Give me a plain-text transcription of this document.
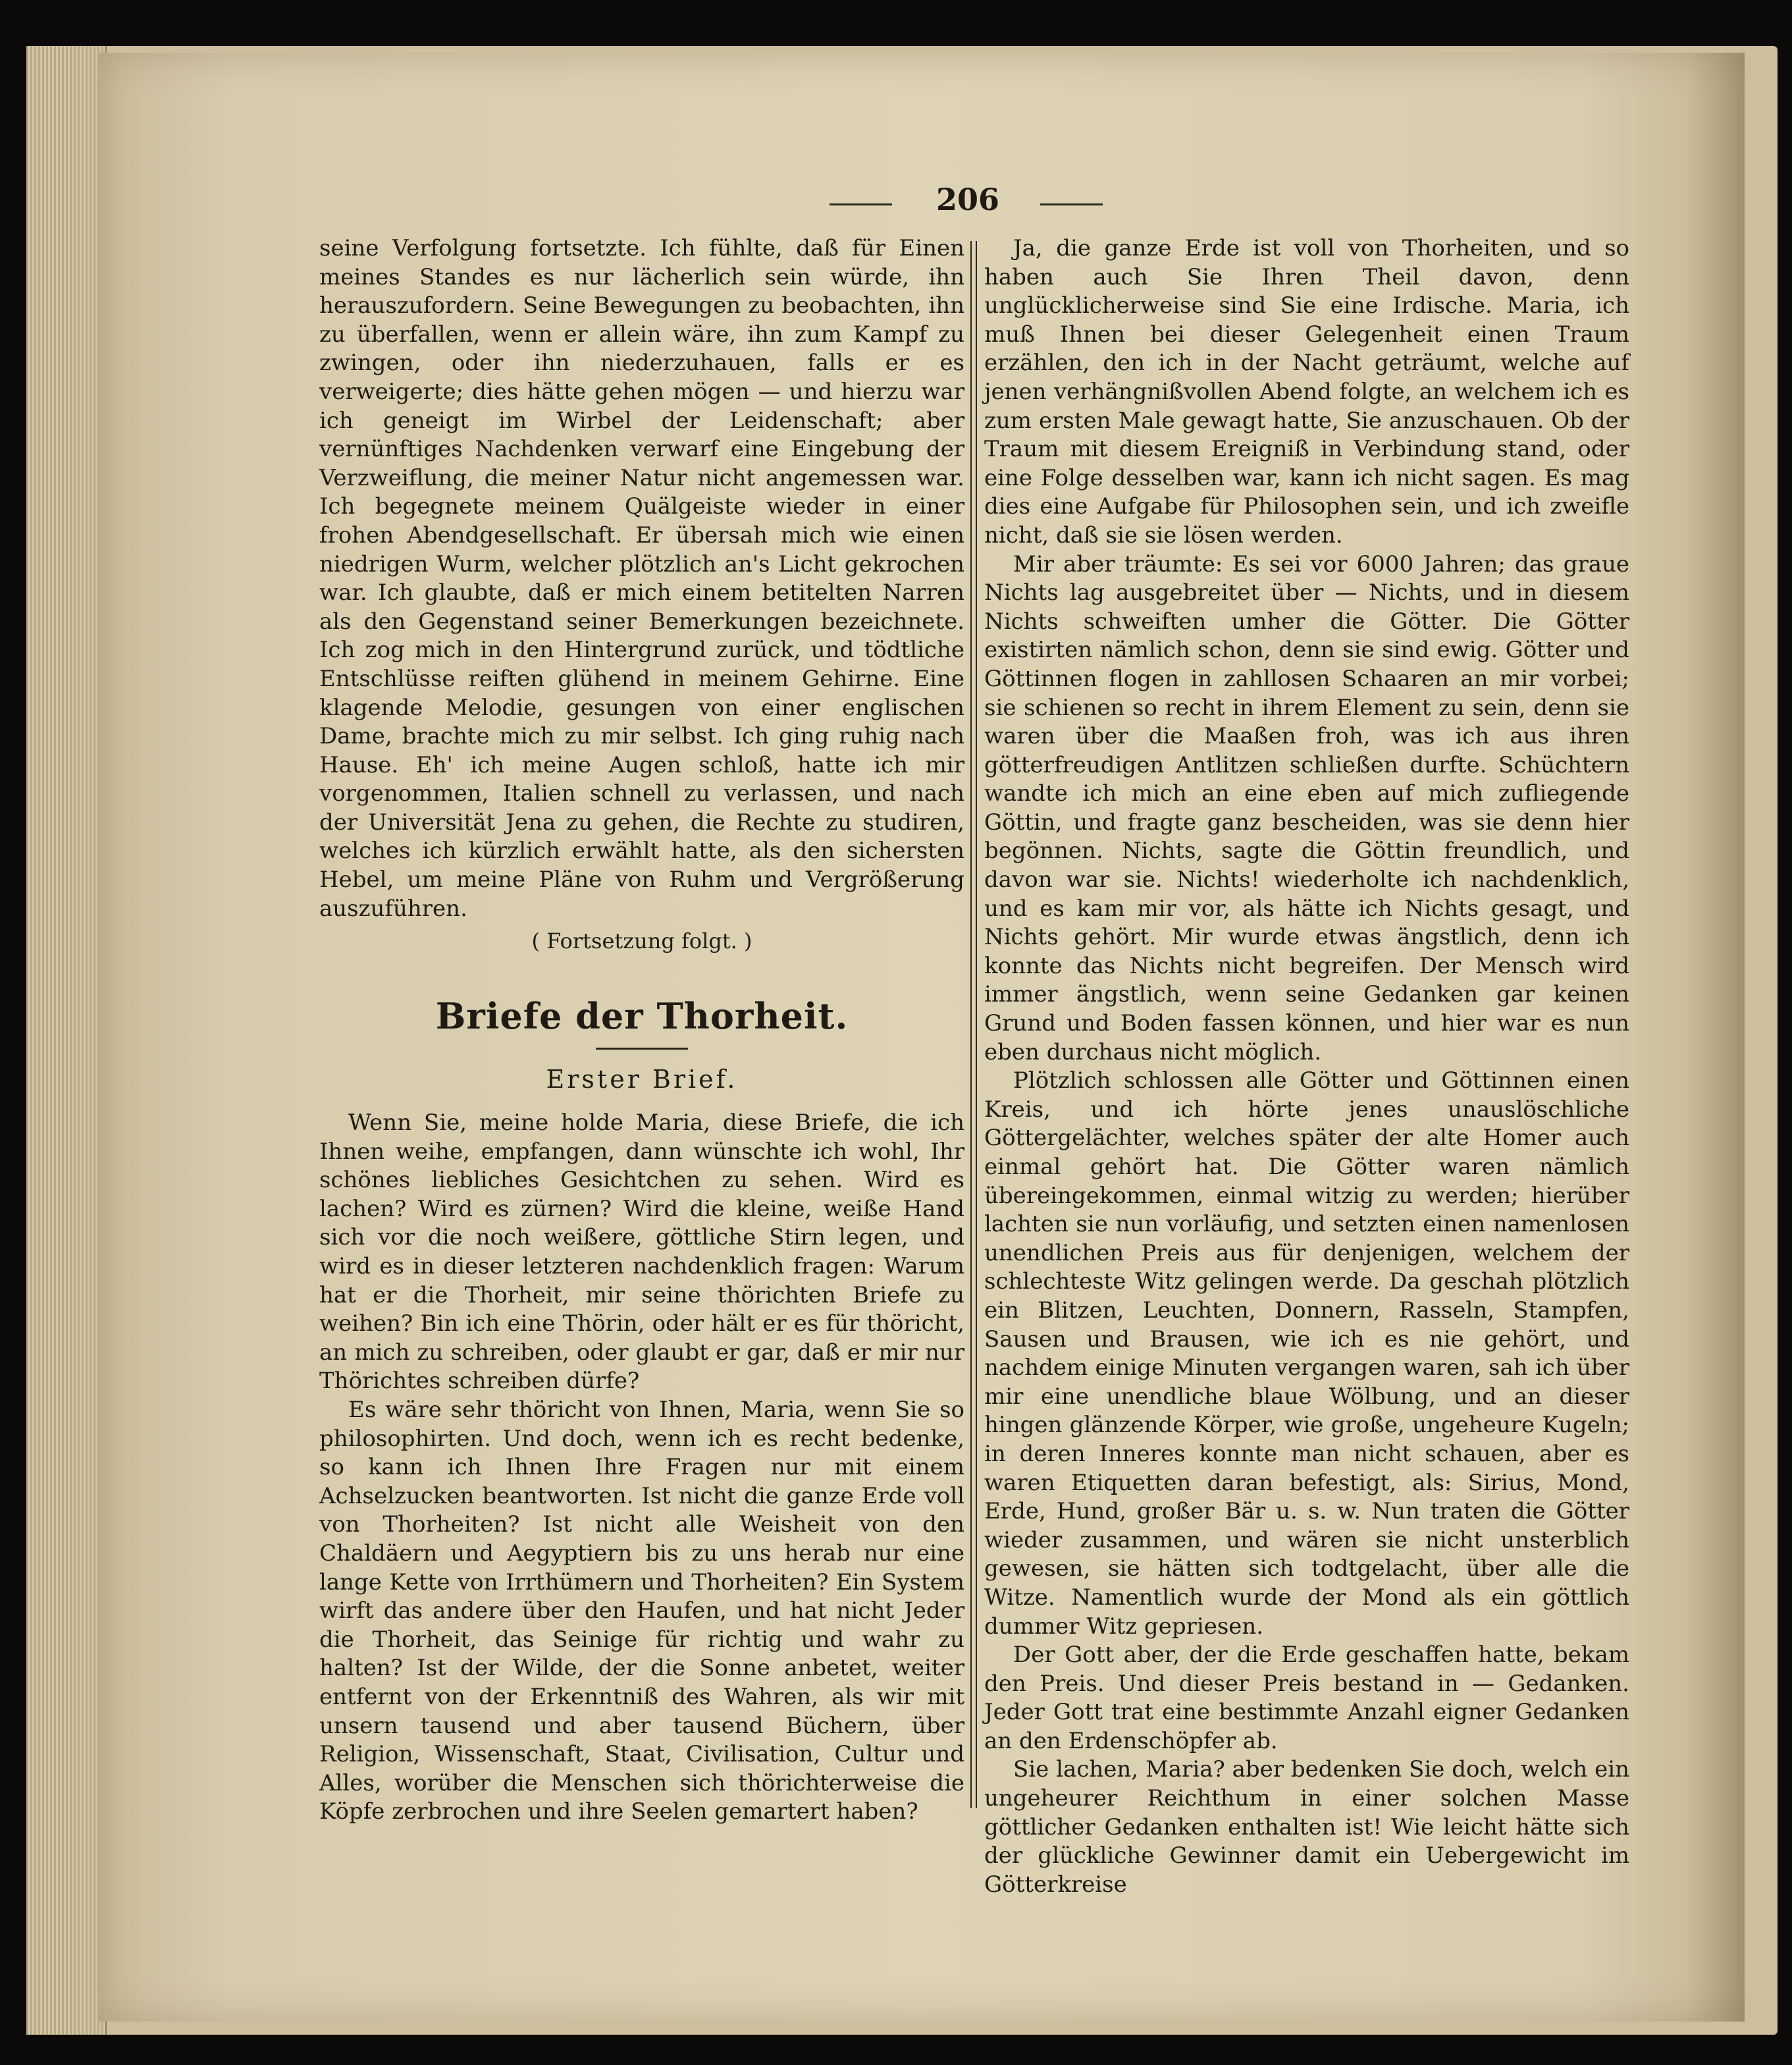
206

seine Verfolgung fortsetzte. Ich fühlte, daß für Einen meines Standes es nur lächerlich sein würde, ihn herauszufordern. Seine Bewegungen zu beobachten, ihn zu überfallen, wenn er allein wäre, ihn zum Kampf zu zwingen, oder ihn niederzuhauen, falls er es verweigerte; dies hätte gehen mögen — und hierzu war ich geneigt im Wirbel der Leidenschaft; aber vernünftiges Nachdenken verwarf eine Eingebung der Verzweiflung, die meiner Natur nicht angemessen war. Ich begegnete meinem Quälgeiste wieder in einer frohen Abendgesellschaft. Er übersah mich wie einen niedrigen Wurm, welcher plötzlich an's Licht gekrochen war. Ich glaubte, daß er mich einem betitelten Narren als den Gegenstand seiner Bemerkungen bezeichnete. Ich zog mich in den Hintergrund zurück, und tödtliche Entschlüsse reiften glühend in meinem Gehirne. Eine klagende Melodie, gesungen von einer englischen Dame, brachte mich zu mir selbst. Ich ging ruhig nach Hause. Eh' ich meine Augen schloß, hatte ich mir vorgenommen, Italien schnell zu verlassen, und nach der Universität Jena zu gehen, die Rechte zu studiren, welches ich kürzlich erwählt hatte, als den sichersten Hebel, um meine Pläne von Ruhm und Vergrößerung auszuführen.

( Fortsetzung folgt. )

Briefe der Thorheit.

Erster Brief.

Wenn Sie, meine holde Maria, diese Briefe, die ich Ihnen weihe, empfangen, dann wünschte ich wohl, Ihr schönes liebliches Gesichtchen zu sehen. Wird es lachen? Wird es zürnen? Wird die kleine, weiße Hand sich vor die noch weißere, göttliche Stirn legen, und wird es in dieser letzteren nachdenklich fragen: Warum hat er die Thorheit, mir seine thörichten Briefe zu weihen? Bin ich eine Thörin, oder hält er es für thöricht, an mich zu schreiben, oder glaubt er gar, daß er mir nur Thörichtes schreiben dürfe?

Es wäre sehr thöricht von Ihnen, Maria, wenn Sie so philosophirten. Und doch, wenn ich es recht bedenke, so kann ich Ihnen Ihre Fragen nur mit einem Achselzucken beantworten. Ist nicht die ganze Erde voll von Thorheiten? Ist nicht alle Weisheit von den Chaldäern und Aegyptiern bis zu uns herab nur eine lange Kette von Irrthümern und Thorheiten? Ein System wirft das andere über den Haufen, und hat nicht Jeder die Thorheit, das Seinige für richtig und wahr zu halten? Ist der Wilde, der die Sonne anbetet, weiter entfernt von der Erkenntniß des Wahren, als wir mit unsern tausend und aber tausend Büchern, über Religion, Wissenschaft, Staat, Civilisation, Cultur und Alles, worüber die Menschen sich thörichterweise die Köpfe zerbrochen und ihre Seelen gemartert haben?

Ja, die ganze Erde ist voll von Thorheiten, und so haben auch Sie Ihren Theil davon, denn unglücklicherweise sind Sie eine Irdische. Maria, ich muß Ihnen bei dieser Gelegenheit einen Traum erzählen, den ich in der Nacht geträumt, welche auf jenen verhängnißvollen Abend folgte, an welchem ich es zum ersten Male gewagt hatte, Sie anzuschauen. Ob der Traum mit diesem Ereigniß in Verbindung stand, oder eine Folge desselben war, kann ich nicht sagen. Es mag dies eine Aufgabe für Philosophen sein, und ich zweifle nicht, daß sie sie lösen werden.

Mir aber träumte: Es sei vor 6000 Jahren; das graue Nichts lag ausgebreitet über — Nichts, und in diesem Nichts schweiften umher die Götter. Die Götter existirten nämlich schon, denn sie sind ewig. Götter und Göttinnen flogen in zahllosen Schaaren an mir vorbei; sie schienen so recht in ihrem Element zu sein, denn sie waren über die Maaßen froh, was ich aus ihren götterfreudigen Antlitzen schließen durfte. Schüchtern wandte ich mich an eine eben auf mich zufliegende Göttin, und fragte ganz bescheiden, was sie denn hier begönnen. Nichts, sagte die Göttin freundlich, und davon war sie. Nichts! wiederholte ich nachdenklich, und es kam mir vor, als hätte ich Nichts gesagt, und Nichts gehört. Mir wurde etwas ängstlich, denn ich konnte das Nichts nicht begreifen. Der Mensch wird immer ängstlich, wenn seine Gedanken gar keinen Grund und Boden fassen können, und hier war es nun eben durchaus nicht möglich.

Plötzlich schlossen alle Götter und Göttinnen einen Kreis, und ich hörte jenes unauslöschliche Göttergelächter, welches später der alte Homer auch einmal gehört hat. Die Götter waren nämlich übereingekommen, einmal witzig zu werden; hierüber lachten sie nun vorläufig, und setzten einen namenlosen unendlichen Preis aus für denjenigen, welchem der schlechteste Witz gelingen werde. Da geschah plötzlich ein Blitzen, Leuchten, Donnern, Rasseln, Stampfen, Sausen und Brausen, wie ich es nie gehört, und nachdem einige Minuten vergangen waren, sah ich über mir eine unendliche blaue Wölbung, und an dieser hingen glänzende Körper, wie große, ungeheure Kugeln; in deren Inneres konnte man nicht schauen, aber es waren Etiquetten daran befestigt, als: Sirius, Mond, Erde, Hund, großer Bär u. s. w. Nun traten die Götter wieder zusammen, und wären sie nicht unsterblich gewesen, sie hätten sich todtgelacht, über alle die Witze. Namentlich wurde der Mond als ein göttlich dummer Witz gepriesen.

Der Gott aber, der die Erde geschaffen hatte, bekam den Preis. Und dieser Preis bestand in — Gedanken. Jeder Gott trat eine bestimmte Anzahl eigner Gedanken an den Erdenschöpfer ab.

Sie lachen, Maria? aber bedenken Sie doch, welch ein ungeheurer Reichthum in einer solchen Masse göttlicher Gedanken enthalten ist! Wie leicht hätte sich der glückliche Gewinner damit ein Uebergewicht im Götterkreise
